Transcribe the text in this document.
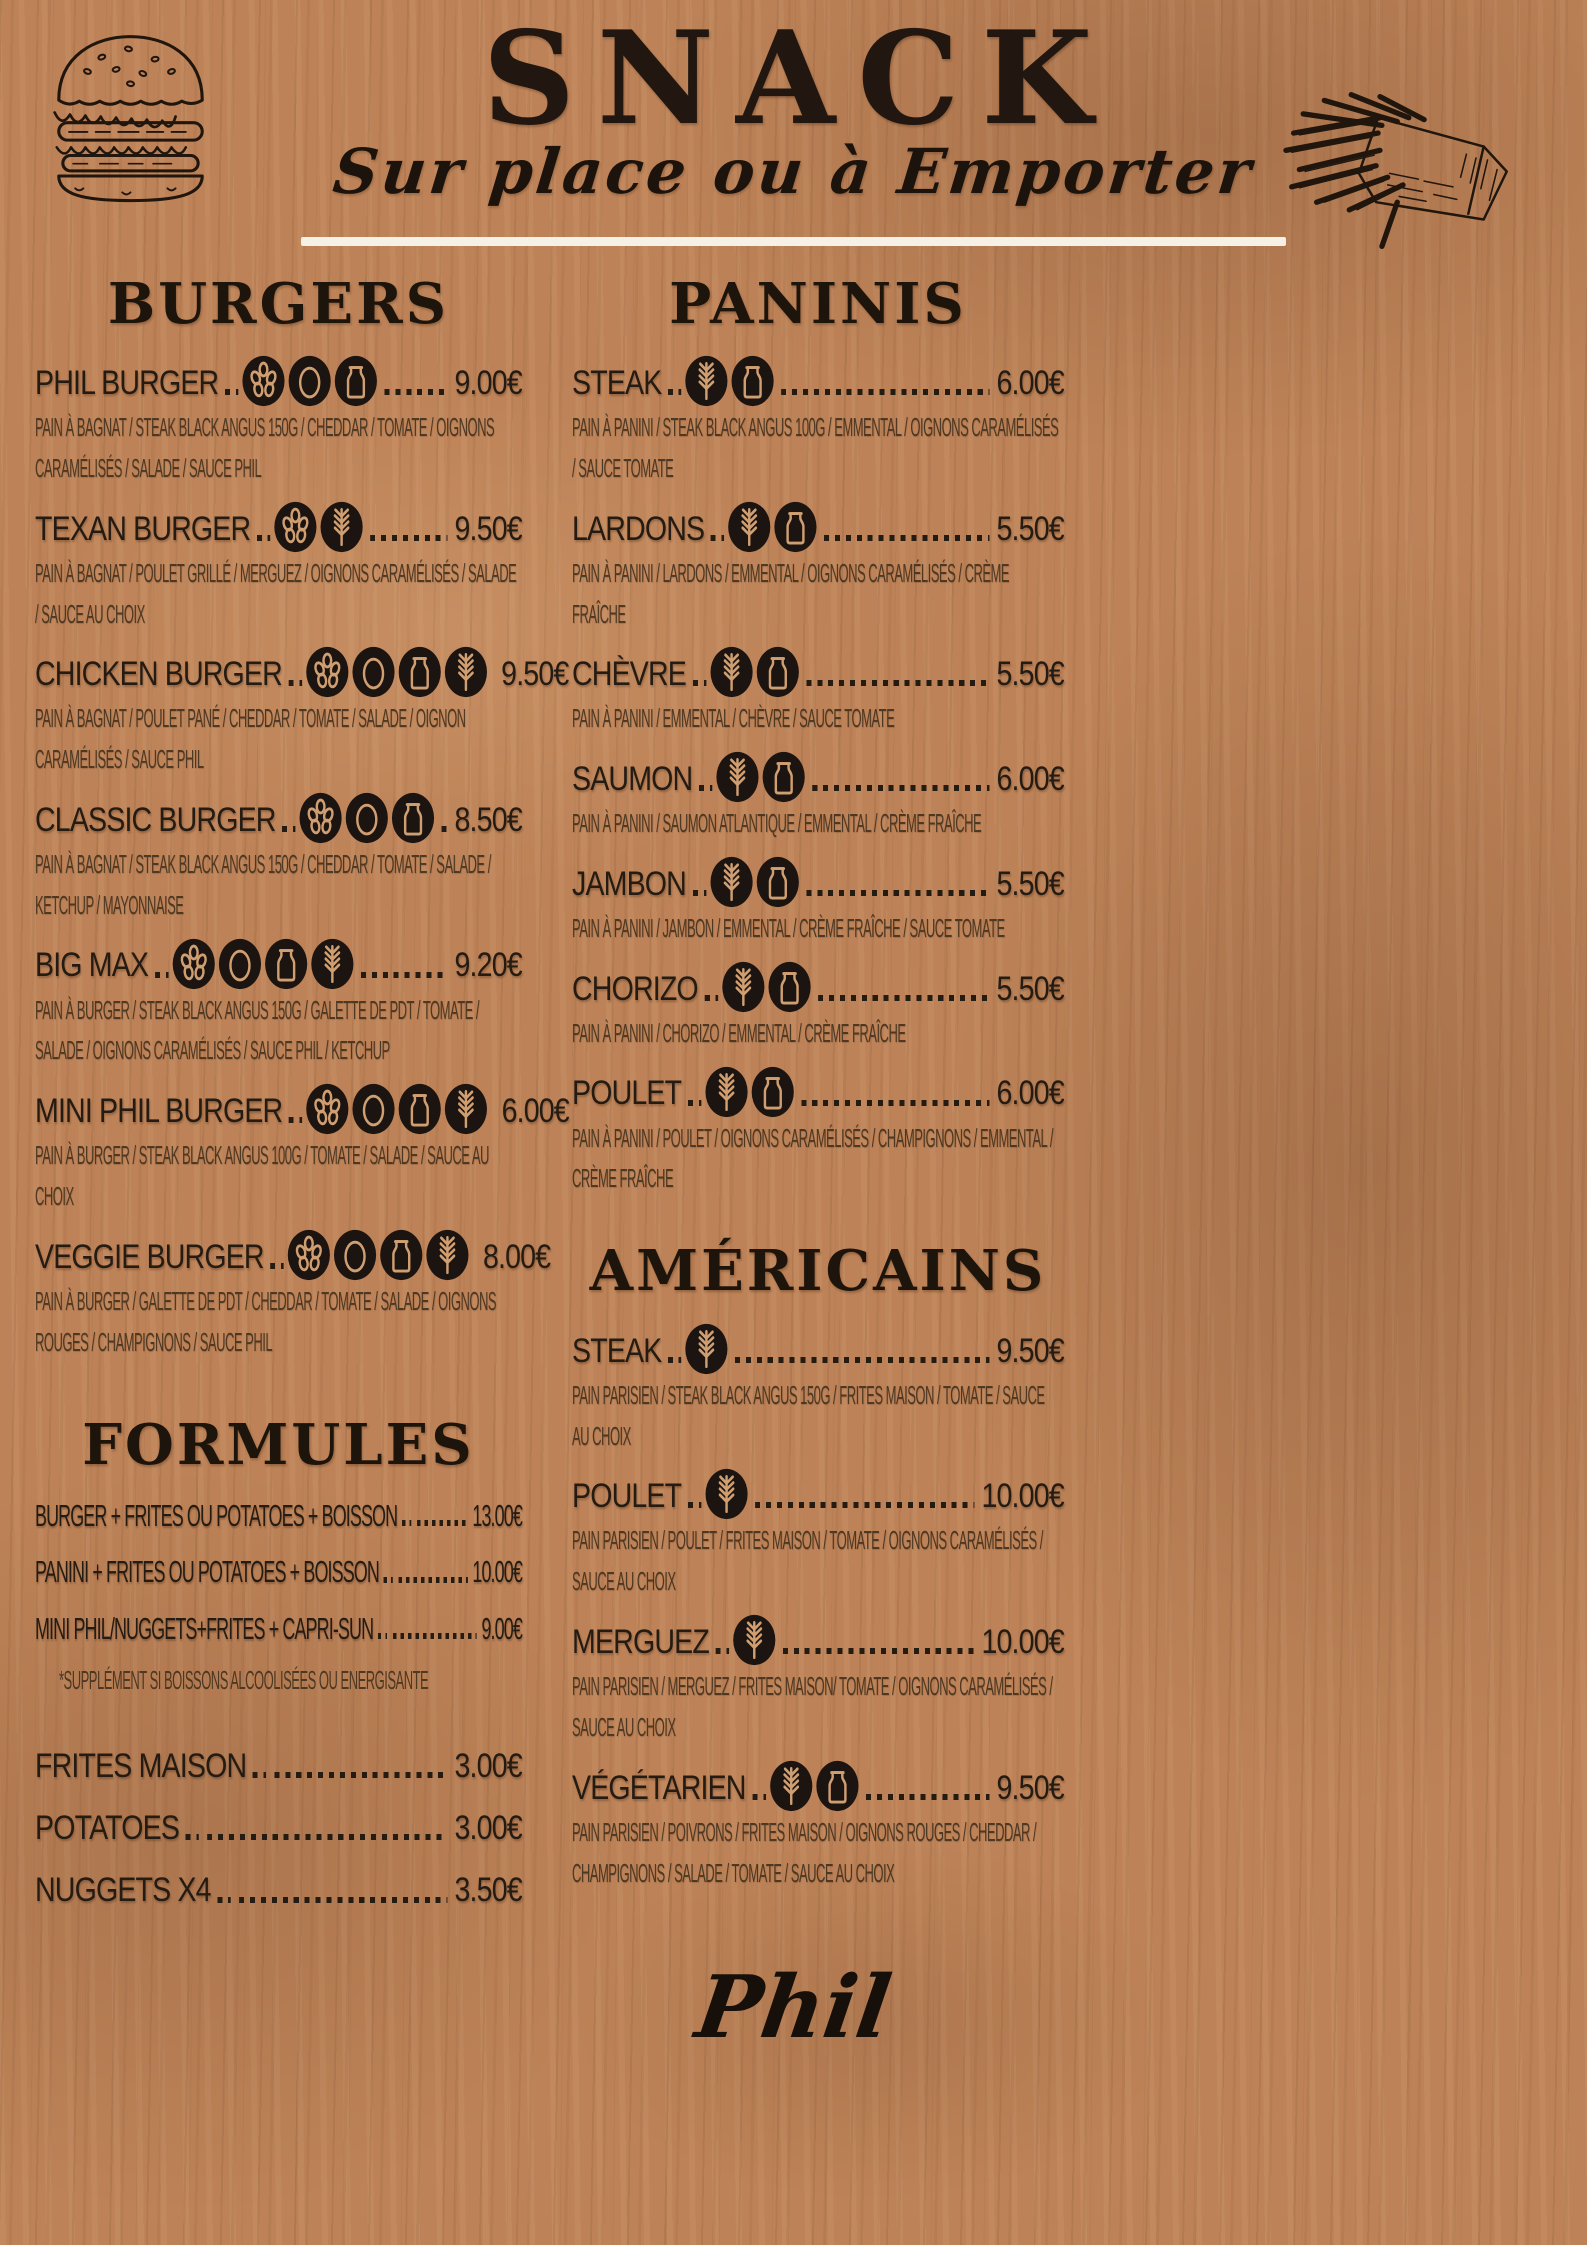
SNACK
Sur place ou à Emporter
BURGERS
PHIL BURGER	9.00€
PAIN À BAGNAT / STEAK BLACK ANGUS 150G / CHEDDAR / TOMATE / OIGNONS CARAMÉLISÉS / SALADE / SAUCE PHIL
TEXAN BURGER	9.50€
PAIN À BAGNAT / POULET GRILLÉ / MERGUEZ / OIGNONS CARAMÉLISÉS / SALADE / SAUCE AU CHOIX
CHICKEN BURGER	9.50€
PAIN À BAGNAT / POULET PANÉ / CHEDDAR / TOMATE / SALADE / OIGNON CARAMÉLISÉS / SAUCE PHIL
CLASSIC BURGER	8.50€
PAIN À BAGNAT / STEAK BLACK ANGUS 150G / CHEDDAR / TOMATE / SALADE / KETCHUP / MAYONNAISE
BIG MAX	9.20€
PAIN À BURGER / STEAK BLACK ANGUS 150G / GALETTE DE PDT / TOMATE / SALADE / OIGNONS CARAMÉLISÉS / SAUCE PHIL / KETCHUP
MINI PHIL BURGER	6.00€
PAIN À BURGER / STEAK BLACK ANGUS 100G / TOMATE / SALADE / SAUCE AU CHOIX
VEGGIE BURGER	8.00€
PAIN À BURGER / GALETTE DE PDT / CHEDDAR / TOMATE / SALADE / OIGNONS ROUGES / CHAMPIGNONS / SAUCE PHIL
FORMULES
BURGER + FRITES OU POTATOES + BOISSON 13.00€
PANINI + FRITES OU POTATOES + BOISSON	10.00€
MINI PHIL/NUGGETS+FRITES + CAPRI-SUN	9.00€
*SUPPLÉMENT SI BOISSONS ALCOOLISÉES OU ENERGISANTE
FRITES MAISON	3.00€
POTATOES	3.00€
NUGGETS X4	3.50€
PANINIS
STEAK	6.00€
PAIN À PANINI / STEAK BLACK ANGUS 100G / EMMENTAL / OIGNONS CARAMÉLISÉS / SAUCE TOMATE
LARDONS	5.50€
PAIN À PANINI / LARDONS / EMMENTAL / OIGNONS CARAMÉLISÉS / CRÈME FRAÎCHE
CHÈVRE	5.50€
PAIN À PANINI / EMMENTAL / CHÈVRE / SAUCE TOMATE
SAUMON	6.00€
PAIN À PANINI / SAUMON ATLANTIQUE / EMMENTAL / CRÈME FRAÎCHE
JAMBON	5.50€
PAIN À PANINI / JAMBON / EMMENTAL / CRÈME FRAÎCHE / SAUCE TOMATE
CHORIZO	5.50€
PAIN À PANINI / CHORIZO / EMMENTAL / CRÈME FRAÎCHE
POULET	6.00€
PAIN À PANINI / POULET / OIGNONS CARAMÉLISÉS / CHAMPIGNONS / EMMENTAL / CRÈME FRAÎCHE
AMÉRICAINS
STEAK	9.50€
PAIN PARISIEN / STEAK BLACK ANGUS 150G / FRITES MAISON / TOMATE / SAUCE AU CHOIX
POULET	10.00€
PAIN PARISIEN / POULET / FRITES MAISON / TOMATE / OIGNONS CARAMÉLISÉS / SAUCE AU CHOIX
MERGUEZ	10.00€
PAIN PARISIEN / MERGUEZ / FRITES MAISON/ TOMATE / OIGNONS CARAMÉLISÉS / SAUCE AU CHOIX
VÉGÉTARIEN	9.50€
PAIN PARISIEN / POIVRONS / FRITES MAISON / OIGNONS ROUGES / CHEDDAR / CHAMPIGNONS / SALADE / TOMATE / SAUCE AU CHOIX
Phil
